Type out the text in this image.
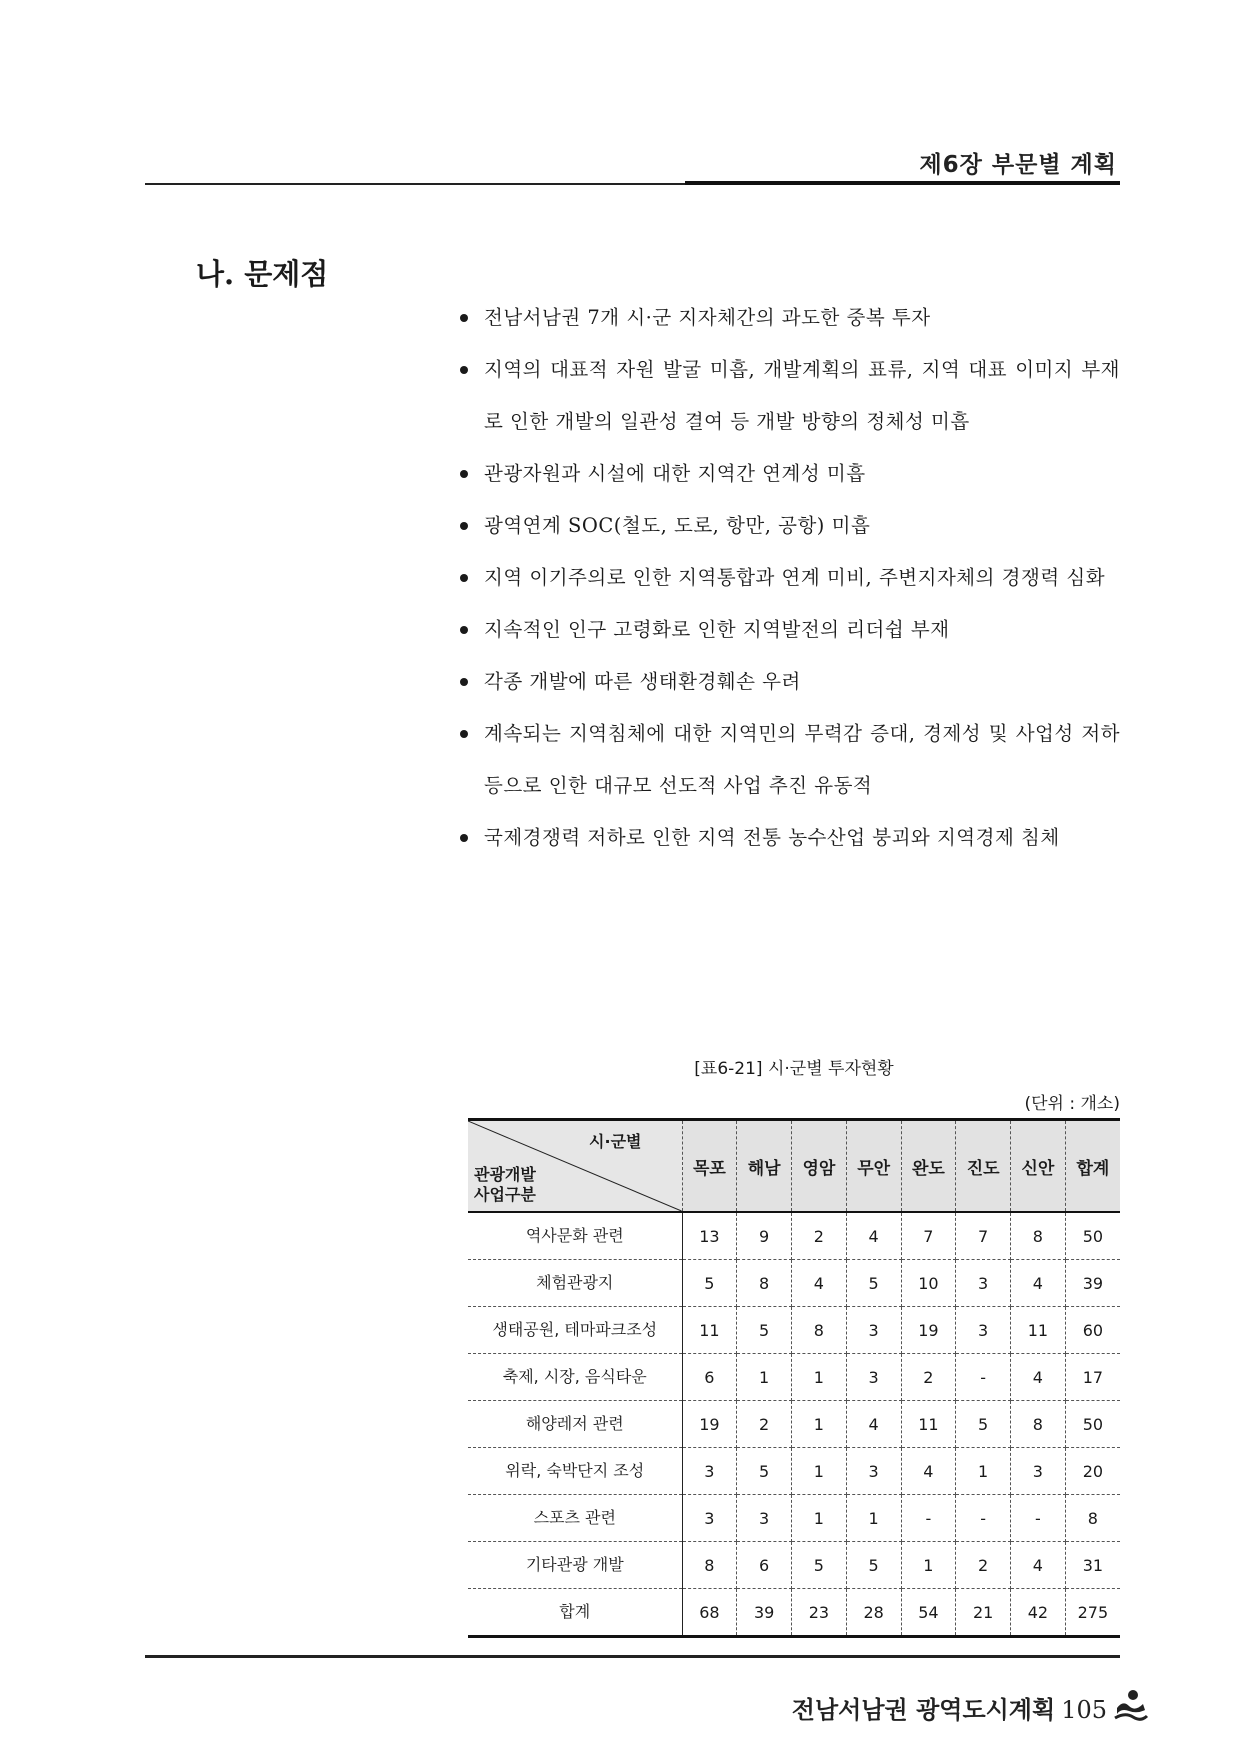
제6장 부문별 계획
나. 문제점
전남서남권 7개 시·군 지자체간의 과도한 중복 투자
지역의 대표적 자원 발굴 미흡, 개발계획의 표류, 지역 대표 이미지 부재로 인한 개발의 일관성 결여 등 개발 방향의 정체성 미흡
관광자원과 시설에 대한 지역간 연계성 미흡
광역연계 SOC(철도, 도로, 항만, 공항) 미흡
지역 이기주의로 인한 지역통합과 연계 미비, 주변지자체의 경쟁력 심화
지속적인 인구 고령화로 인한 지역발전의 리더쉽 부재
각종 개발에 따른 생태환경훼손 우려
계속되는 지역침체에 대한 지역민의 무력감 증대, 경제성 및 사업성 저하 등으로 인한 대규모 선도적 사업 추진 유동적
국제경쟁력 저하로 인한 지역 전통 농수산업 붕괴와 지역경제 침체
[표6-21] 시·군별 투자현황
(단위 : 개소)
시·군별
관광개발
사업구분	목포	해남	영암	무안	완도	진도	신안	합계
역사문화 관련	13	9	2	4	7	7	8	50
체험관광지	5	8	4	5	10	3	4	39
생태공원, 테마파크조성	11	5	8	3	19	3	11	60
축제, 시장, 음식타운	6	1	1	3	2	-	4	17
해양레저 관련	19	2	1	4	11	5	8	50
위락, 숙박단지 조성	3	5	1	3	4	1	3	20
스포츠 관련	3	3	1	1	-	-	-	8
기타관광 개발	8	6	5	5	1	2	4	31
합계	68	39	23	28	54	21	42	275
전남서남권 광역도시계획 105
